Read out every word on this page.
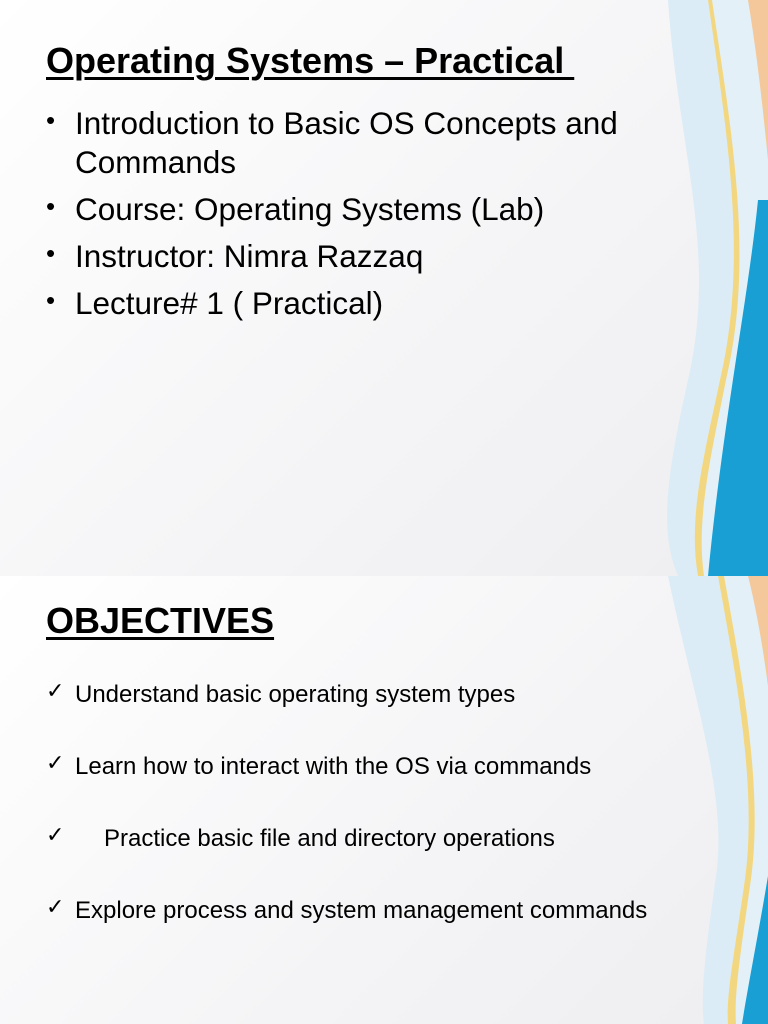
Operating Systems – Practical
• Introduction to Basic OS Concepts and Commands
• Course: Operating Systems (Lab)
• Instructor: Nimra Razzaq
• Lecture# 1 ( Practical)
OBJECTIVES
✓ Understand basic operating system types
✓ Learn how to interact with the OS via commands
✓ Practice basic file and directory operations
✓ Explore process and system management commands
